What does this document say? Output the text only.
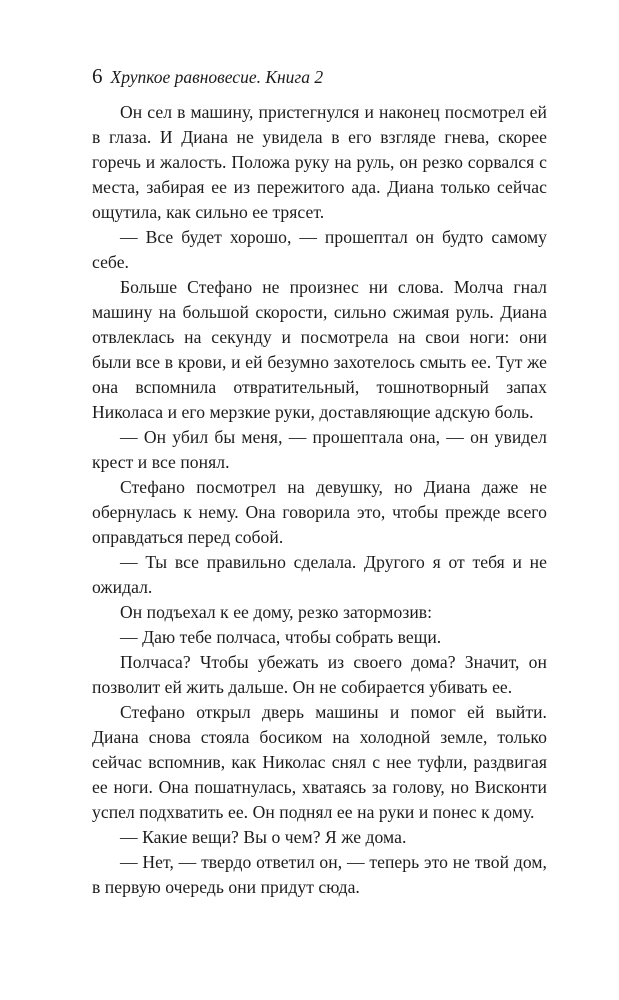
6 Хрупкое равновесие. Книга 2

Он сел в машину, пристегнулся и наконец посмотрел ей в глаза. И Диана не увидела в его взгляде гнева, скорее горечь и жалость. Положа руку на руль, он резко сорвался с места, забирая ее из пережитого ада. Диана только сейчас ощутила, как сильно ее трясет.

— Все будет хорошо, — прошептал он будто самому себе.

Больше Стефано не произнес ни слова. Молча гнал машину на большой скорости, сильно сжимая руль. Диана отвлеклась на секунду и посмотрела на свои ноги: они были все в крови, и ей безумно захотелось смыть ее. Тут же она вспомнила отвратительный, тошнотворный запах Николаса и его мерзкие руки, доставляющие адскую боль.

— Он убил бы меня, — прошептала она, — он увидел крест и все понял.

Стефано посмотрел на девушку, но Диана даже не обернулась к нему. Она говорила это, чтобы прежде всего оправдаться перед собой.

— Ты все правильно сделала. Другого я от тебя и не ожидал.

Он подъехал к ее дому, резко затормозив:

— Даю тебе полчаса, чтобы собрать вещи.

Полчаса? Чтобы убежать из своего дома? Значит, он позволит ей жить дальше. Он не собирается убивать ее.

Стефано открыл дверь машины и помог ей выйти. Диана снова стояла босиком на холодной земле, только сейчас вспомнив, как Николас снял с нее туфли, раздвигая ее ноги. Она пошатнулась, хватаясь за голову, но Висконти успел подхватить ее. Он поднял ее на руки и понес к дому.

— Какие вещи? Вы о чем? Я же дома.

— Нет, — твердо ответил он, — теперь это не твой дом, в первую очередь они придут сюда.
